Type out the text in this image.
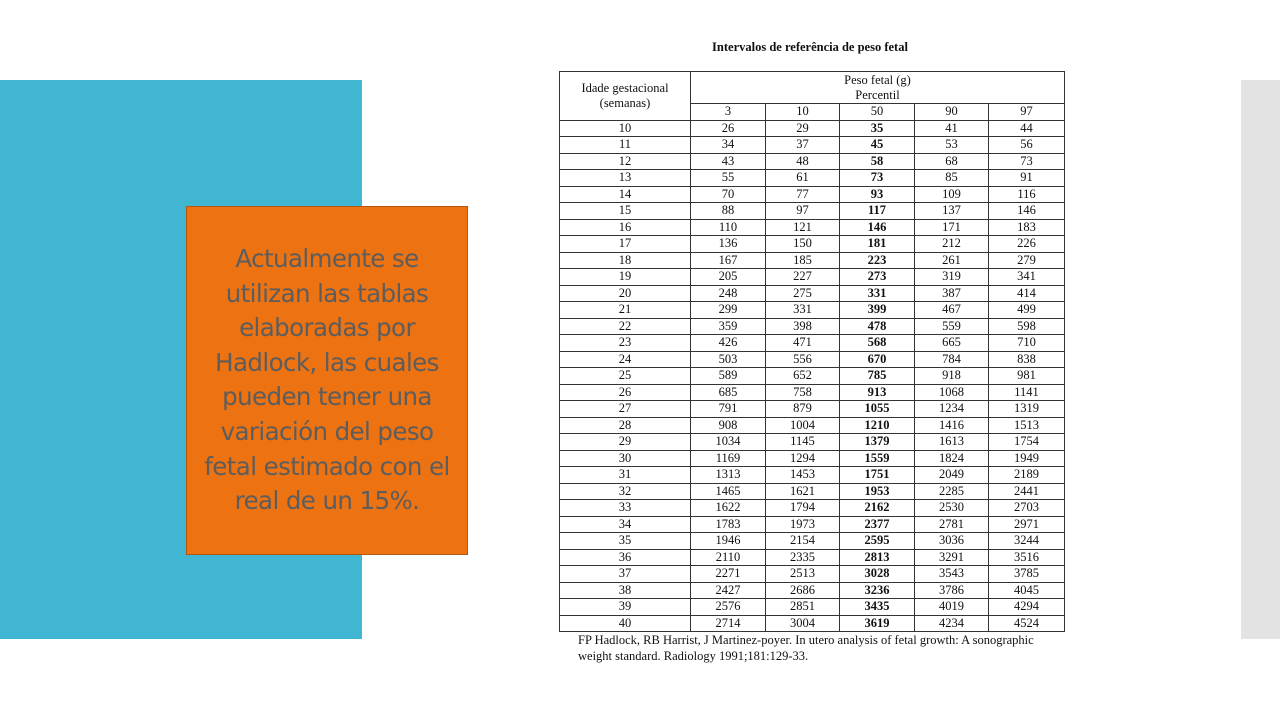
Actualmente se utilizan las tablas elaboradas por Hadlock, las cuales pueden tener una variación del peso fetal estimado con el real de un 15%.
Intervalos de referência de peso fetal
Idade gestacional (semanas)	Peso fetal (g)
Percentil				

	3	10	50	90	97
10	26	29	35	41	44
11	34	37	45	53	56
12	43	48	58	68	73
13	55	61	73	85	91
14	70	77	93	109	116
15	88	97	117	137	146
16	110	121	146	171	183
17	136	150	181	212	226
18	167	185	223	261	279
19	205	227	273	319	341
20	248	275	331	387	414
21	299	331	399	467	499
22	359	398	478	559	598
23	426	471	568	665	710
24	503	556	670	784	838
25	589	652	785	918	981
26	685	758	913	1068	1141
27	791	879	1055	1234	1319
28	908	1004	1210	1416	1513
29	1034	1145	1379	1613	1754
30	1169	1294	1559	1824	1949
31	1313	1453	1751	2049	2189
32	1465	1621	1953	2285	2441
33	1622	1794	2162	2530	2703
34	1783	1973	2377	2781	2971
35	1946	2154	2595	3036	3244
36	2110	2335	2813	3291	3516
37	2271	2513	3028	3543	3785
38	2427	2686	3236	3786	4045
39	2576	2851	3435	4019	4294
40	2714	3004	3619	4234	4524
FP Hadlock, RB Harrist, J Martinez-poyer. In utero analysis of fetal growth: A sonographic weight standard. Radiology 1991;181:129-33.
